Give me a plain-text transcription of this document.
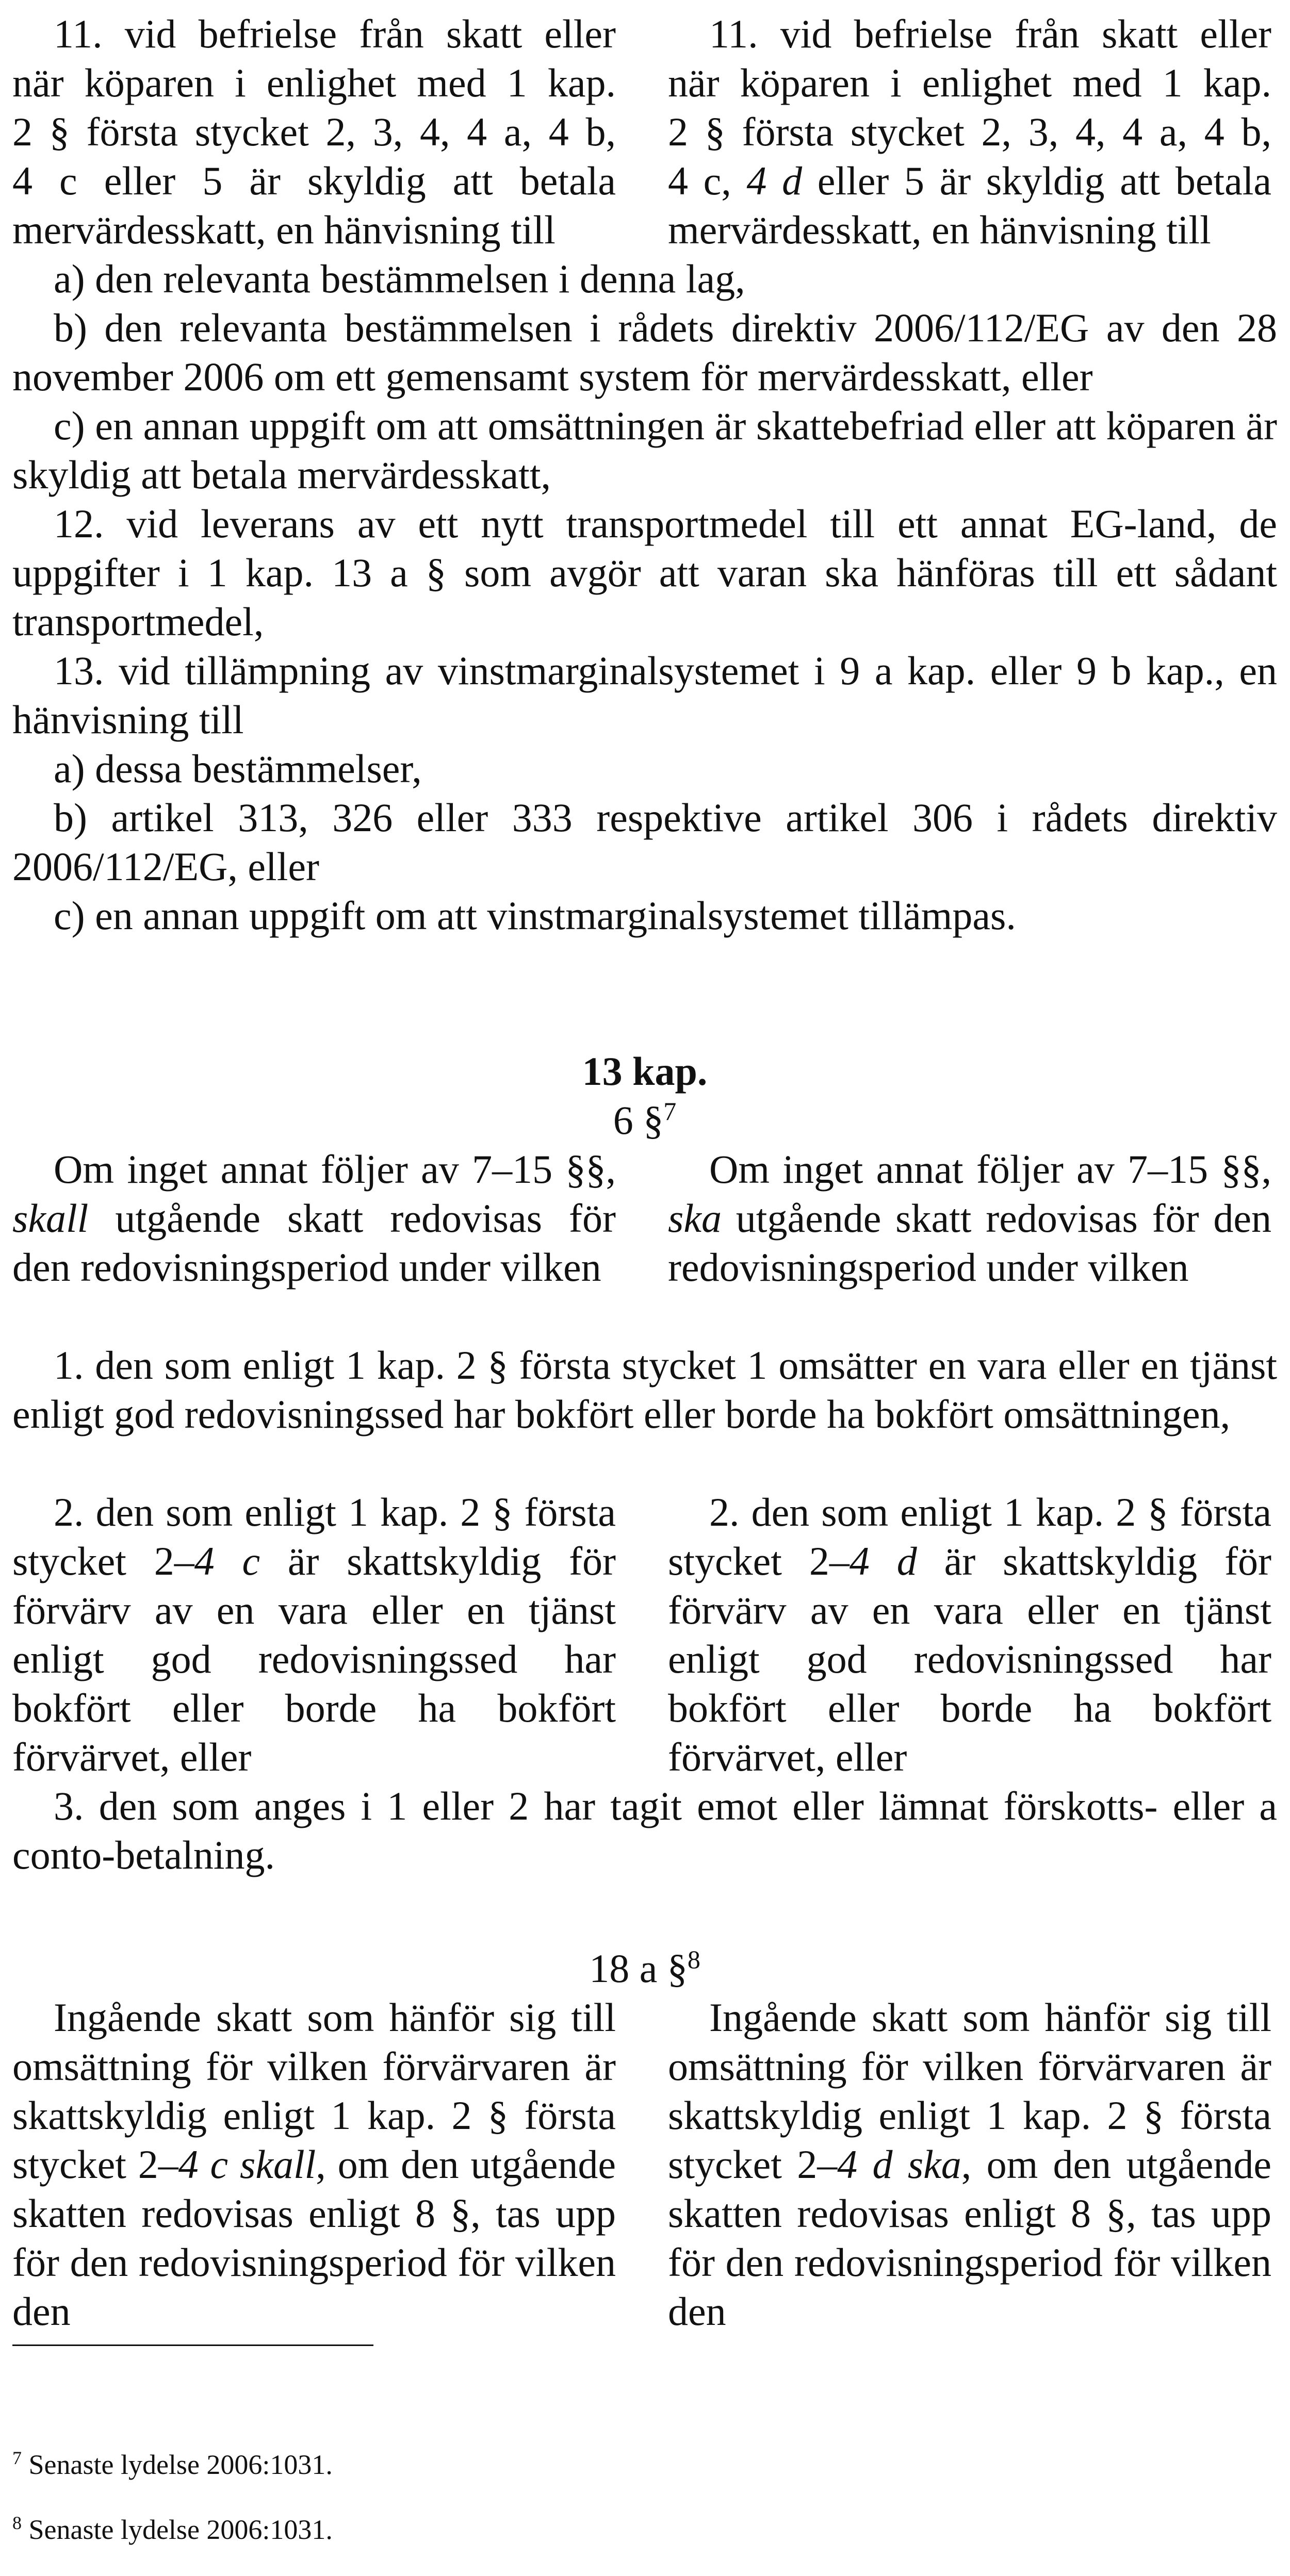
11. vid befrielse från skatt eller

när köparen i enlighet med 1 kap.

2 § första stycket 2, 3, 4, 4 a, 4 b,

4 c eller 5 är skyldig att betala

mervärdesskatt, en hänvisning till

11. vid befrielse från skatt eller

när köparen i enlighet med 1 kap.

2 § första stycket 2, 3, 4, 4 a, 4 b,

4 c, 4 d eller 5 är skyldig att betala

mervärdesskatt, en hänvisning till

a) den relevanta bestämmelsen i denna lag,

b) den relevanta bestämmelsen i rådets direktiv 2006/112/EG av den 28 november 2006 om ett gemensamt system för mervärdesskatt, eller

c) en annan uppgift om att omsättningen är skattebefriad eller att köparen är skyldig att betala mervärdesskatt,

12. vid leverans av ett nytt transportmedel till ett annat EG-land, de uppgifter i 1 kap. 13 a § som avgör att varan ska hänföras till ett sådant transportmedel,

13. vid tillämpning av vinstmarginalsystemet i 9 a kap. eller 9 b kap., en hänvisning till

a) dessa bestämmelser,

b) artikel 313, 326 eller 333 respektive artikel 306 i rådets direktiv 2006/112/EG, eller

c) en annan uppgift om att vinstmarginalsystemet tillämpas.

13 kap.
6 §$^7$

Om inget annat följer av 7–15 §§, skall utgående skatt redovisas för den redovisningsperiod under vilken

Om inget annat följer av 7–15 §§, ska utgående skatt redovisas för den redovisningsperiod under vilken

1. den som enligt 1 kap. 2 § första stycket 1 omsätter en vara eller en tjänst enligt god redovisningssed har bokfört eller borde ha bokfört omsättningen,

2. den som enligt 1 kap. 2 § första stycket 2–4 c är skattskyldig för förvärv av en vara eller en tjänst enligt god redovisningssed har bokfört eller borde ha bokfört förvärvet, eller

2. den som enligt 1 kap. 2 § första stycket 2–4 d är skattskyldig för förvärv av en vara eller en tjänst enligt god redovisningssed har bokfört eller borde ha bokfört förvärvet, eller

3. den som anges i 1 eller 2 har tagit emot eller lämnat förskotts- eller a conto-betalning.

18 a §$^8$

Ingående skatt som hänför sig till omsättning för vilken förvärvaren är skattskyldig enligt 1 kap. 2 § första stycket 2–4 c skall, om den utgående skatten redovisas enligt 8 §, tas upp för den redovisningsperiod för vilken den

Ingående skatt som hänför sig till omsättning för vilken förvärvaren är skattskyldig enligt 1 kap. 2 § första stycket 2–4 d ska, om den utgående skatten redovisas enligt 8 §, tas upp för den redovisningsperiod för vilken den

$^7$ Senaste lydelse 2006:1031.

$^8$ Senaste lydelse 2006:1031.
